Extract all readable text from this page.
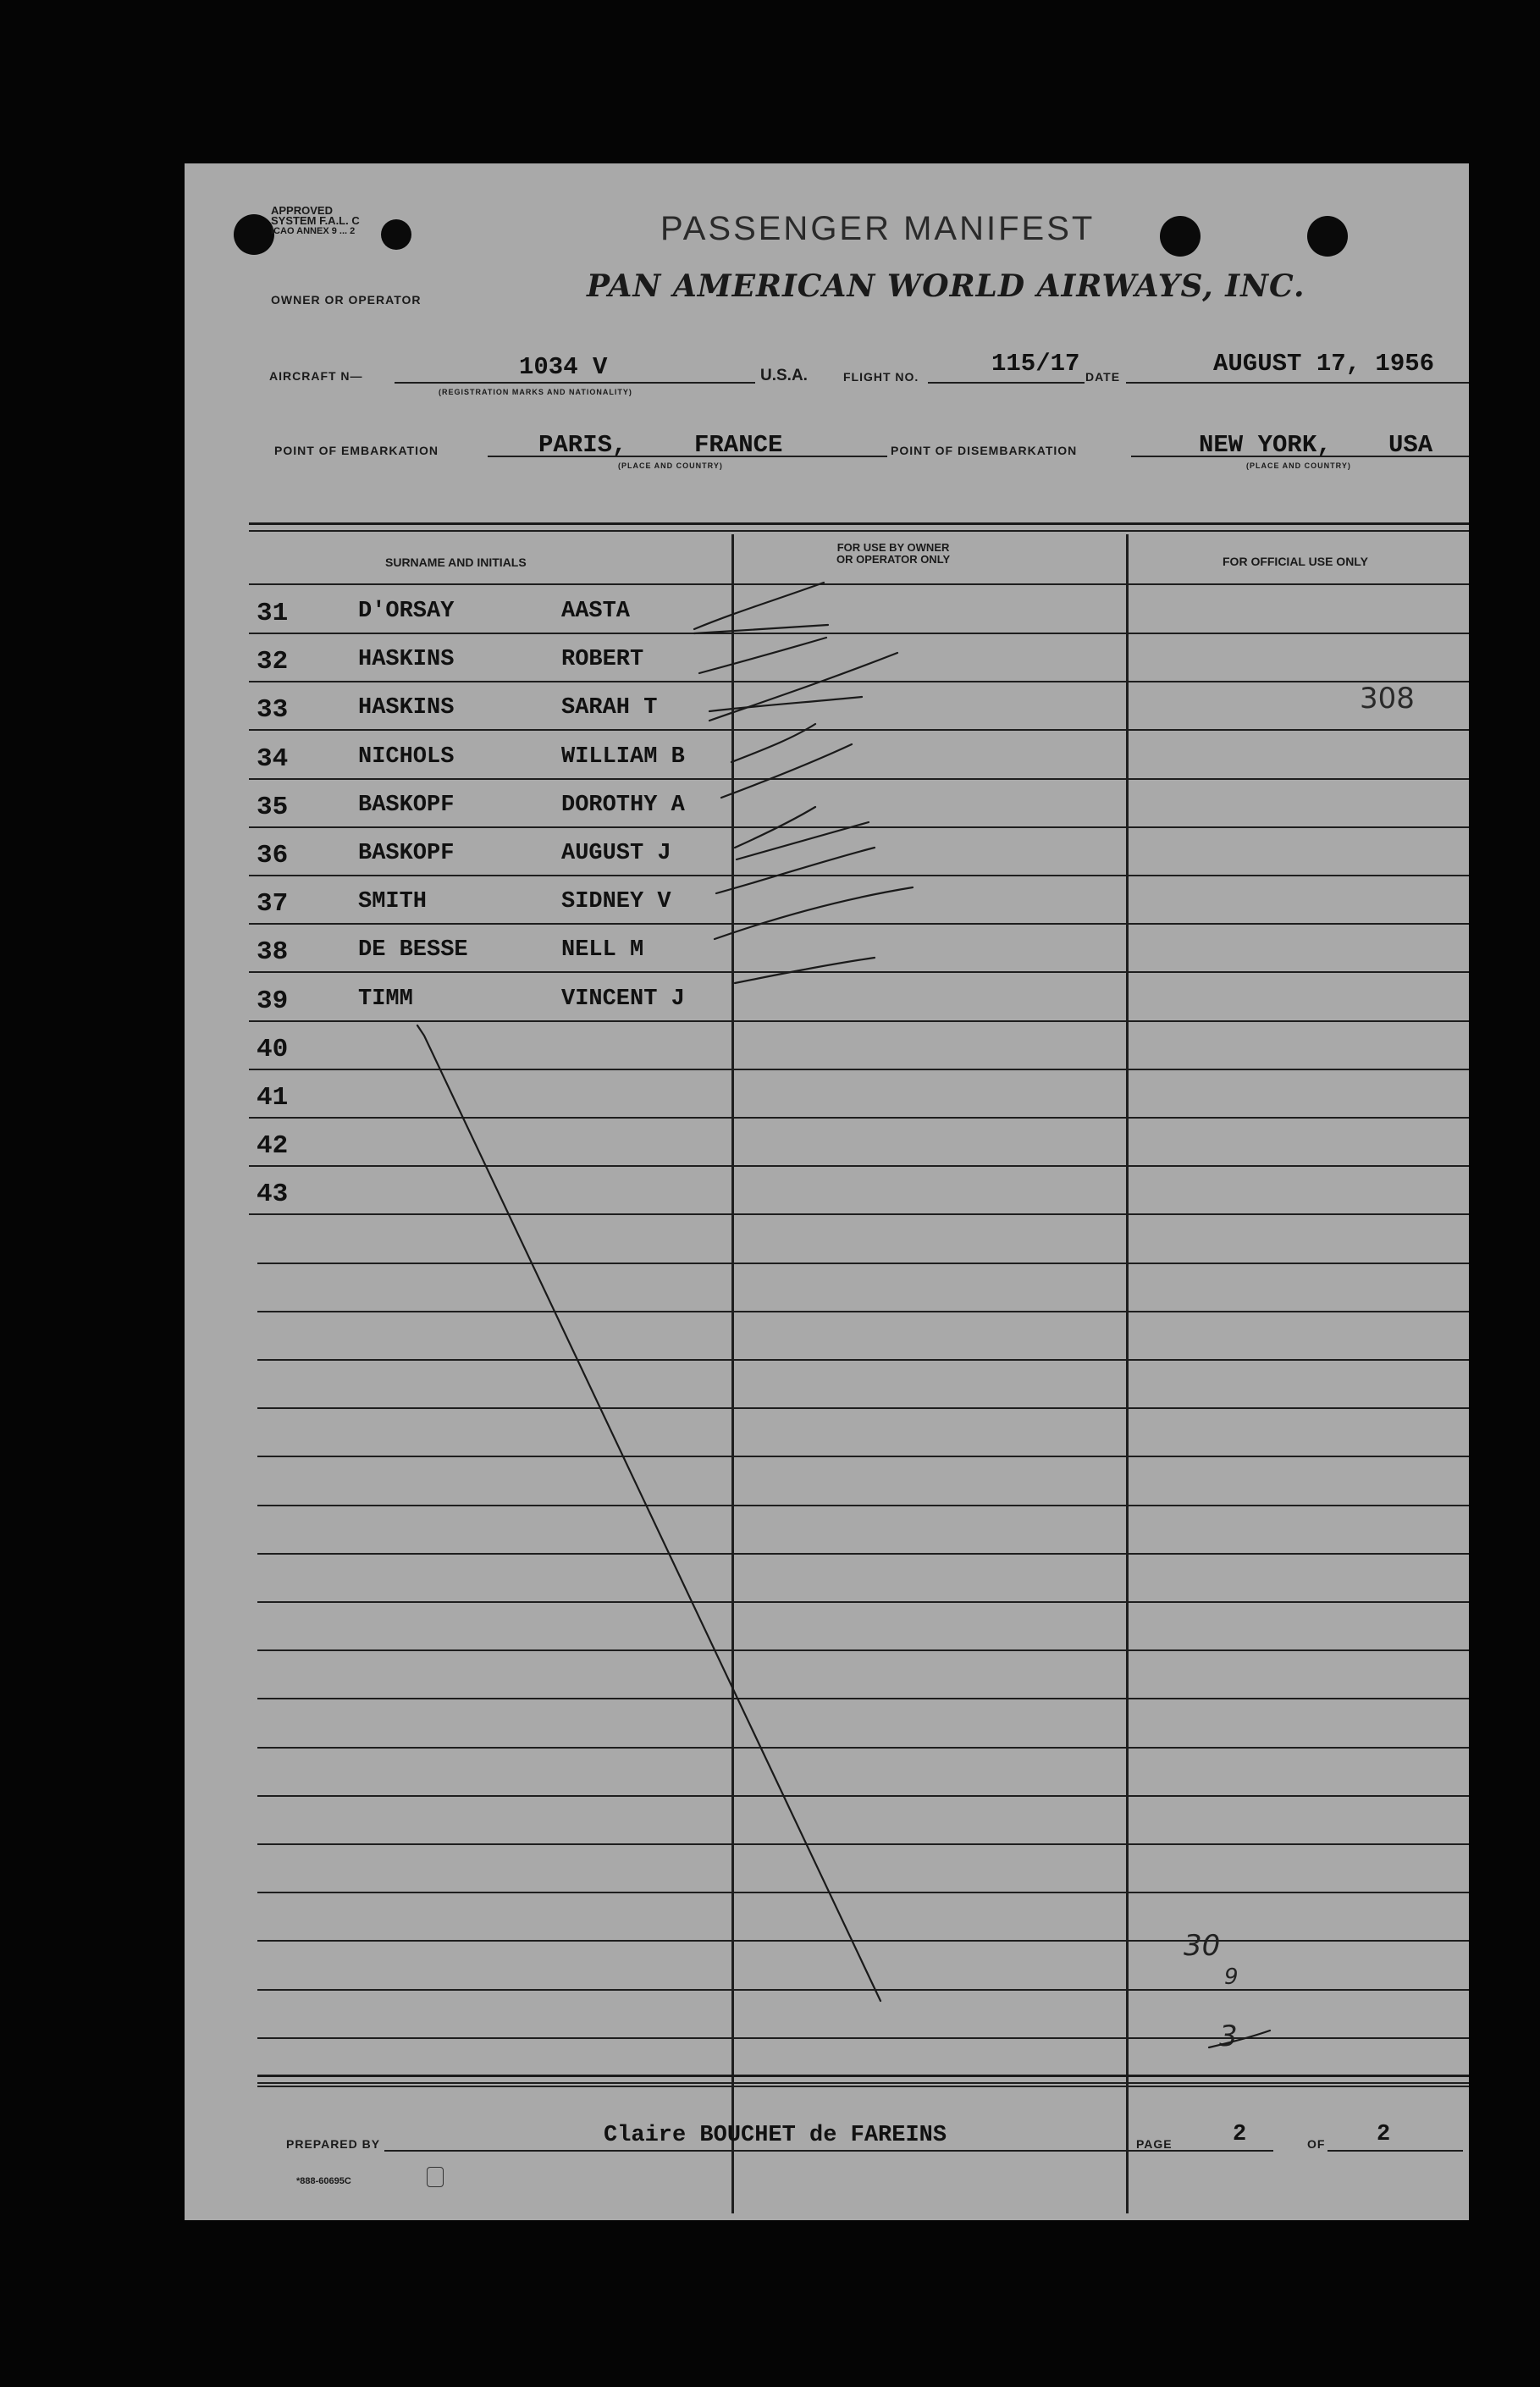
APPROVED
SYSTEM F.A.L. C
ICAO ANNEX 9 ... 2	PASSENGER MANIFEST
OWNER OR OPERATOR	PAN AMERICAN WORLD AIRWAYS, INC.
AIRCRAFT N—	1034 V
(REGISTRATION MARKS AND NATIONALITY)
U.S.A.	FLIGHT NO.	115/17 DATE	AUGUST 17, 1956
POINT OF EMBARKATION	PARIS,	FRANCE
(PLACE AND COUNTRY)
POINT OF DISEMBARKATION	NEW YORK, USA
(PLACE AND COUNTRY)
SURNAME AND INITIALS
FOR USE BY OWNER
OR OPERATOR ONLY	FOR OFFICIAL USE ONLY
31	D'ORSAY	AASTA
32	HASKINS	ROBERT
33	HASKINS	SARAH T
34	NICHOLS	WILLIAM B
35	BASKOPF	DOROTHY A
36	BASKOPF	AUGUST J
37	SMITH	SIDNEY V
38	DE BESSE	NELL M
39	TIMM	VINCENT J
40
41
42
43
308
30
9
3
PREPARED BY	Claire BOUCHET de FAREINS	PAGE	2	OF 2
*888-60695C
